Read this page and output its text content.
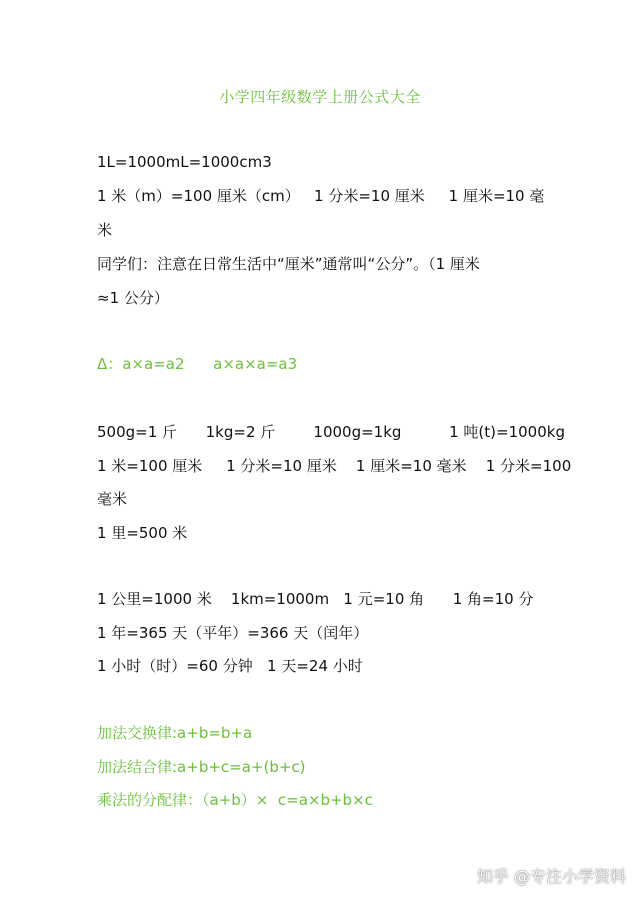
小学四年级数学上册公式大全
1L=1000mL=1000cm3
1 米（m）=100 厘米（cm）   1 分米=10 厘米     1 厘米=10 毫
米
同学们：注意在日常生活中“厘米”通常叫“公分”。（1 厘米
≈1 公分）
Δ：a×a=a2      a×a×a=a3
500g=1 斤      1kg=2 斤        1000g=1kg          1 吨(t)=1000kg
1 米=100 厘米     1 分米=10 厘米    1 厘米=10 毫米    1 分米=100
毫米
1 里=500 米
1 公里=1000 米    1km=1000m   1 元=10 角      1 角=10 分
1 年=365 天（平年）=366 天（闰年）
1 小时（时）=60 分钟   1 天=24 小时
加法交换律:a+b=b+a
加法结合律:a+b+c=a+(b+c)
乘法的分配律：（a+b）×  c=a×b+b×c
知乎 @专注小学资料
